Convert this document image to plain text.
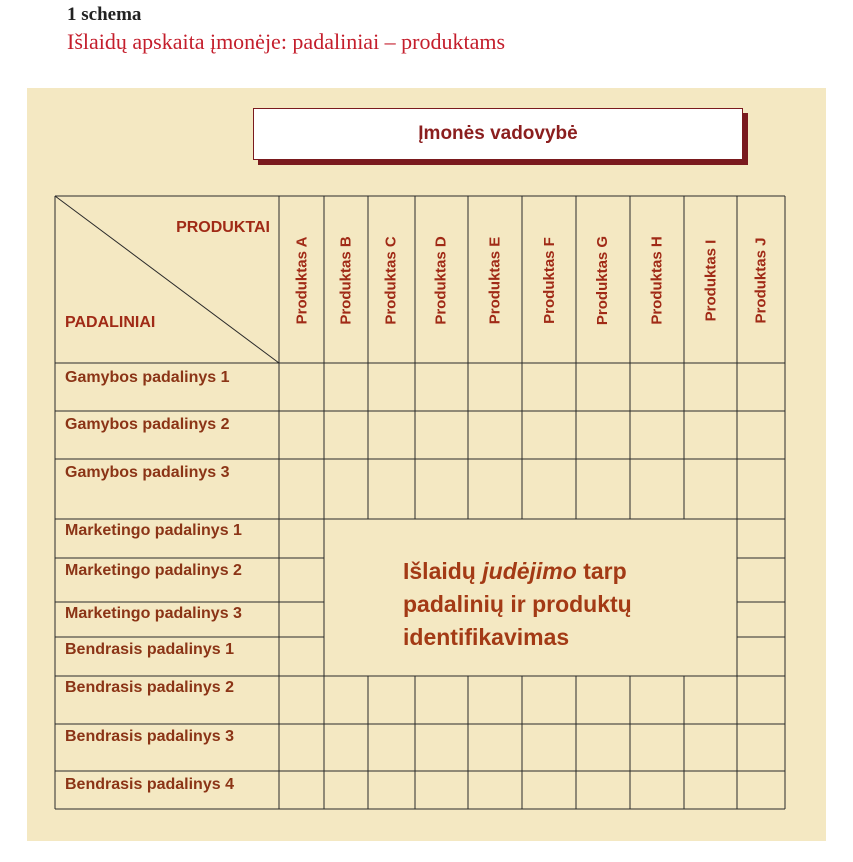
1 schema
Išlaidų apskaita įmonėje: padaliniai – produktams
Įmonės vadovybė
PRODUKTAI
PADALINIAI	Produktas A Produktas B Produktas C Produktas D Produktas E Produktas F Produktas G Produktas H Produktas I Produktas J
Gamybos padalinys 1
Gamybos padalinys 2
Gamybos padalinys 3
Marketingo padalinys 1
Marketingo padalinys 2
Marketingo padalinys 3
Bendrasis padalinys 1
Bendrasis padalinys 2
Bendrasis padalinys 3
Bendrasis padalinys 4
Išlaidų judėjimo tarp padalinių ir produktų identifikavimas
